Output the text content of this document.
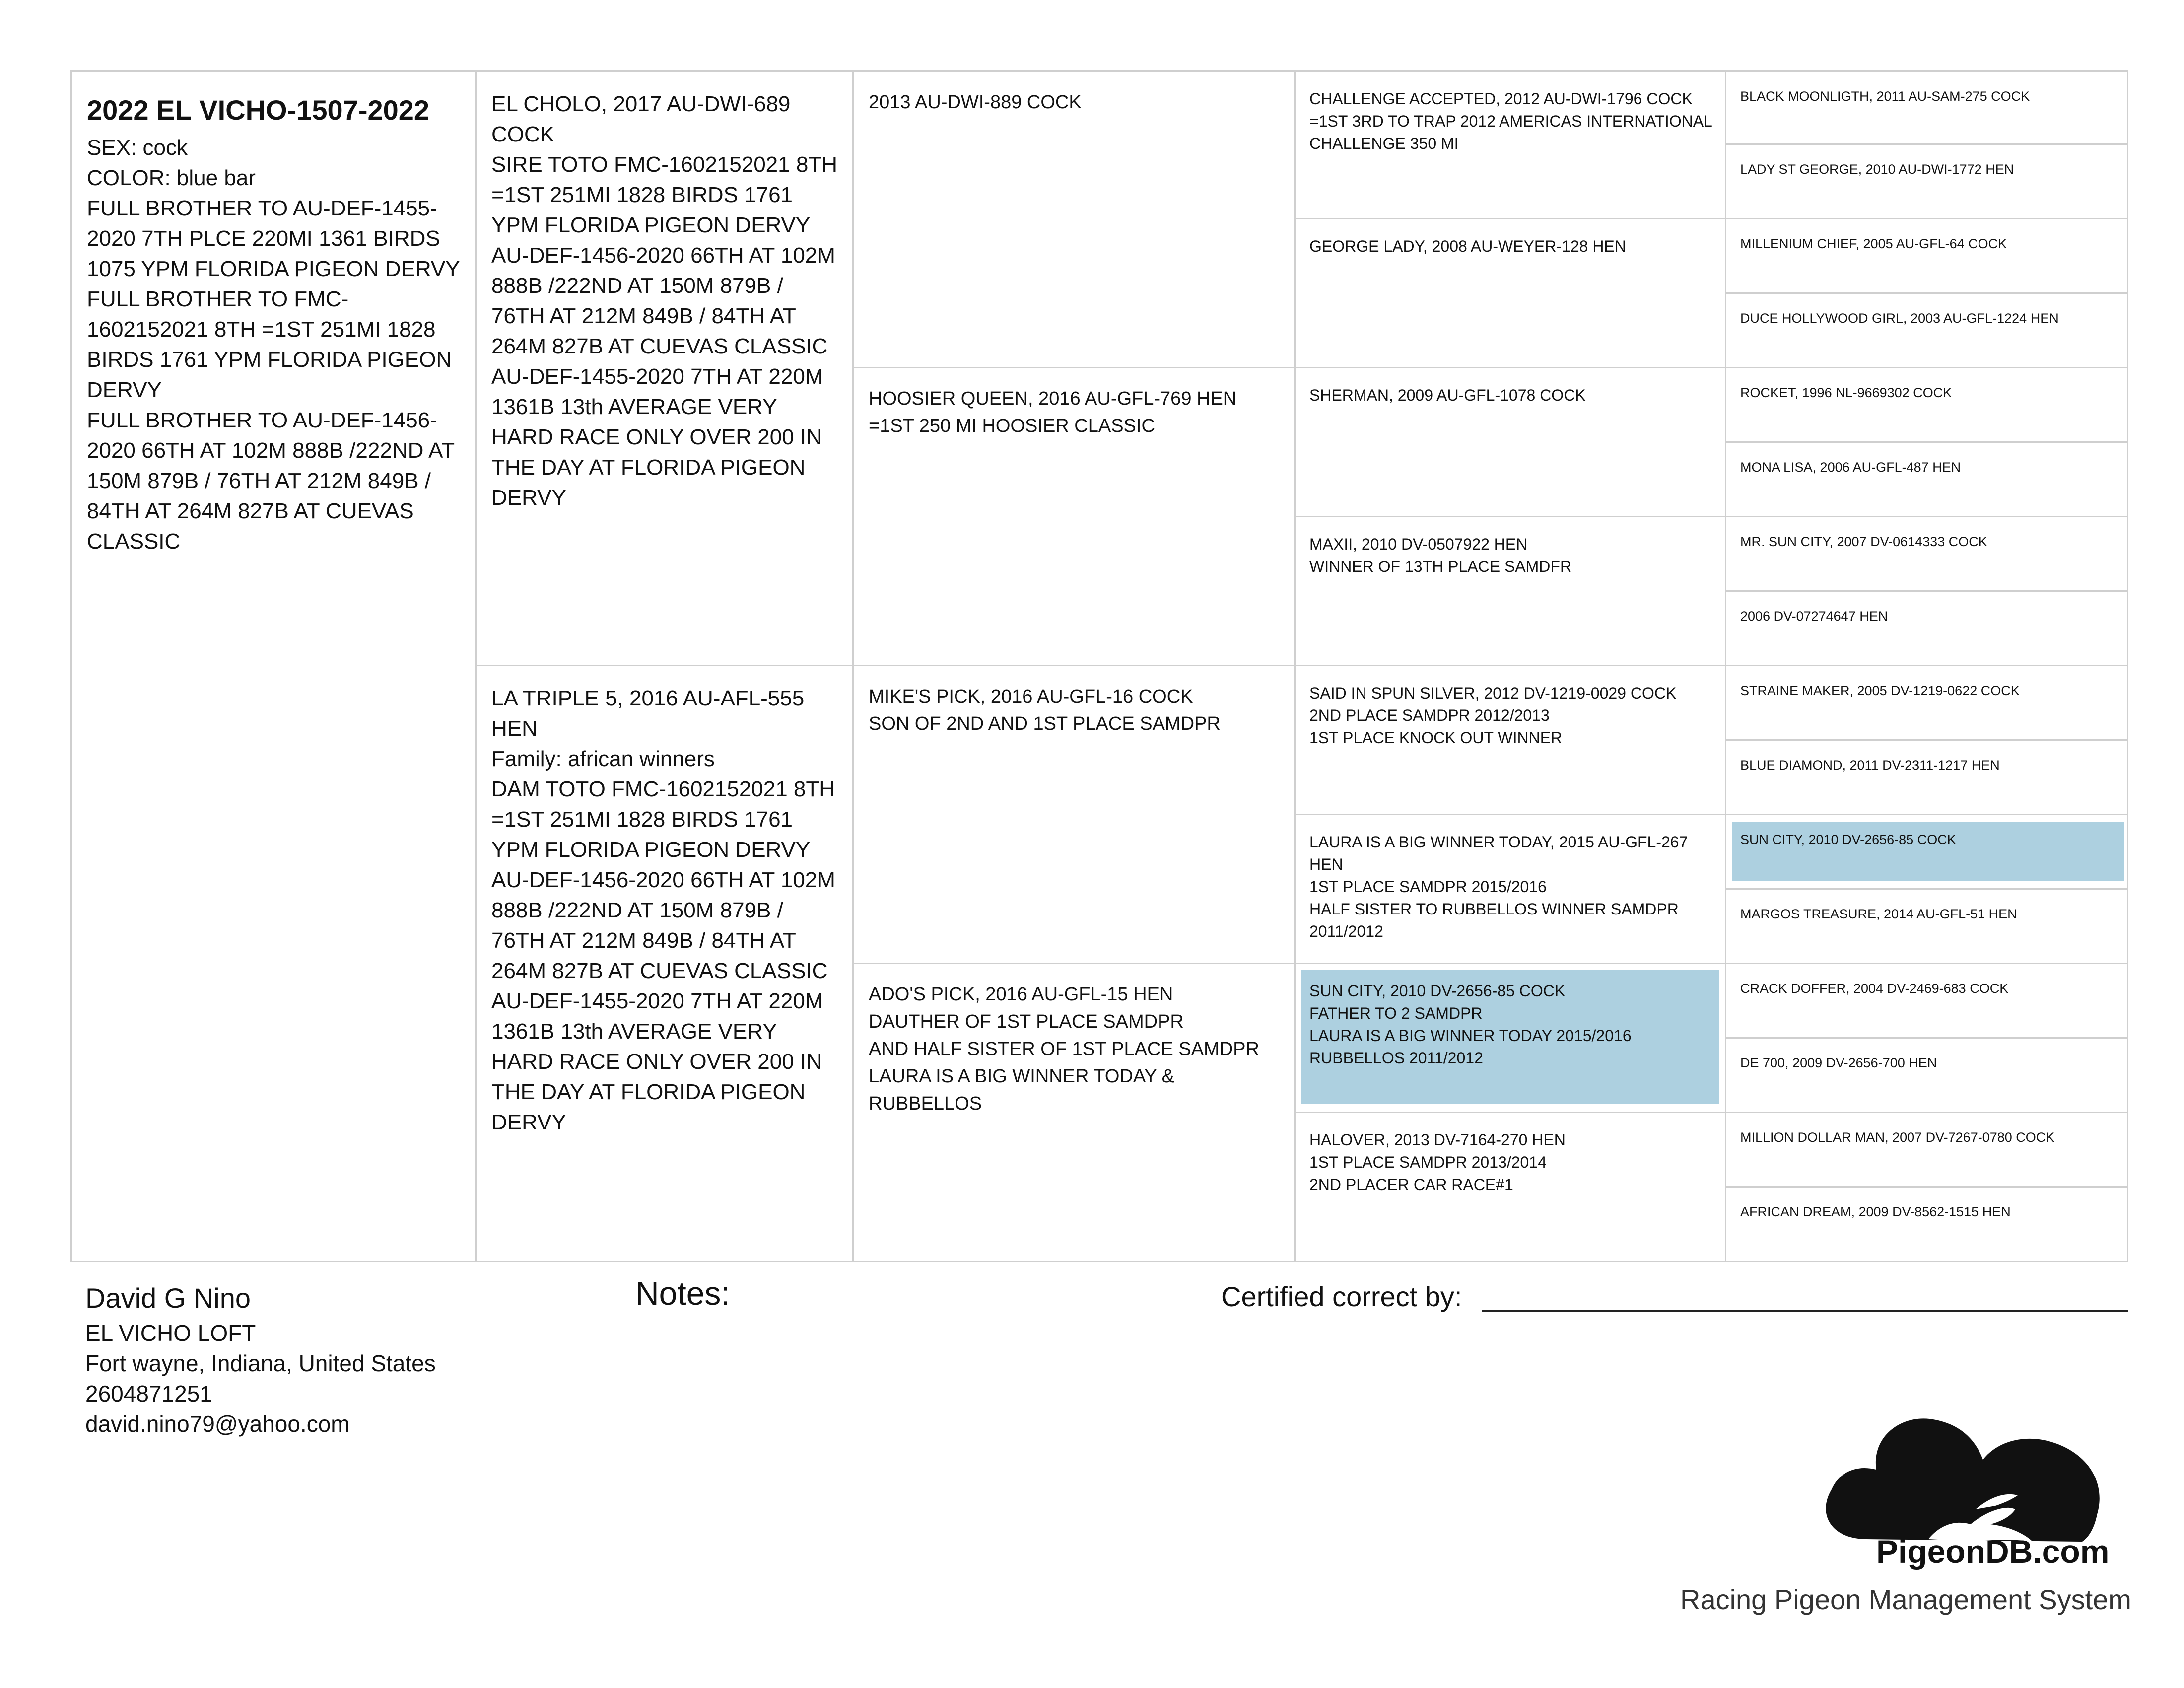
2022 EL VICHO-1507-2022
SEX: cock
COLOR: blue bar
FULL BROTHER TO AU-DEF-1455-2020 7TH PLCE 220MI 1361 BIRDS 1075 YPM FLORIDA PIGEON DERVY
FULL BROTHER TO FMC-1602152021 8TH =1ST 251MI 1828 BIRDS 1761 YPM FLORIDA PIGEON DERVY
FULL BROTHER TO AU-DEF-1456-2020 66TH AT 102M 888B /222ND AT 150M 879B / 76TH AT 212M 849B / 84TH AT 264M 827B AT CUEVAS CLASSIC
EL CHOLO, 2017 AU-DWI-689 COCK
SIRE TOTO FMC-1602152021 8TH =1ST 251MI 1828 BIRDS 1761 YPM FLORIDA PIGEON DERVY
AU-DEF-1456-2020 66TH AT 102M 888B /222ND AT 150M 879B / 76TH AT 212M 849B / 84TH AT 264M 827B AT CUEVAS CLASSIC
AU-DEF-1455-2020 7TH AT 220M 1361B 13th AVERAGE VERY HARD RACE ONLY OVER 200 IN THE DAY AT FLORIDA PIGEON DERVY
LA TRIPLE 5, 2016 AU-AFL-555 HEN
Family: african winners
DAM TOTO FMC-1602152021 8TH =1ST 251MI 1828 BIRDS 1761 YPM FLORIDA PIGEON DERVY
AU-DEF-1456-2020 66TH AT 102M 888B /222ND AT 150M 879B / 76TH AT 212M 849B / 84TH AT 264M 827B AT CUEVAS CLASSIC
AU-DEF-1455-2020 7TH AT 220M 1361B 13th AVERAGE VERY HARD RACE ONLY OVER 200 IN THE DAY AT FLORIDA PIGEON DERVY
2013 AU-DWI-889 COCK
HOOSIER QUEEN, 2016 AU-GFL-769 HEN
=1ST 250 MI HOOSIER CLASSIC
MIKE'S PICK, 2016 AU-GFL-16 COCK
SON OF 2ND AND 1ST PLACE SAMDPR
ADO'S PICK, 2016 AU-GFL-15 HEN
DAUTHER OF 1ST PLACE SAMDPR
AND HALF SISTER OF 1ST PLACE SAMDPR
LAURA IS A BIG WINNER TODAY & RUBBELLOS
CHALLENGE ACCEPTED, 2012 AU-DWI-1796 COCK
=1ST 3RD TO TRAP 2012 AMERICAS INTERNATIONAL CHALLENGE 350 MI
GEORGE LADY, 2008 AU-WEYER-128 HEN
SHERMAN, 2009 AU-GFL-1078 COCK
MAXII, 2010 DV-0507922 HEN
WINNER OF 13TH PLACE SAMDFR
SAID IN SPUN SILVER, 2012 DV-1219-0029 COCK
2ND PLACE SAMDPR 2012/2013
1ST PLACE KNOCK OUT WINNER
LAURA IS A BIG WINNER TODAY, 2015 AU-GFL-267 HEN
1ST PLACE SAMDPR 2015/2016
HALF SISTER TO RUBBELLOS WINNER SAMDPR 2011/2012
SUN CITY, 2010 DV-2656-85 COCK
FATHER TO 2 SAMDPR
LAURA IS A BIG WINNER TODAY 2015/2016
RUBBELLOS 2011/2012
HALOVER, 2013 DV-7164-270 HEN
1ST PLACE SAMDPR 2013/2014
2ND PLACER CAR RACE#1
BLACK MOONLIGTH, 2011 AU-SAM-275 COCK
LADY ST GEORGE, 2010 AU-DWI-1772 HEN
MILLENIUM CHIEF, 2005 AU-GFL-64 COCK
DUCE HOLLYWOOD GIRL, 2003 AU-GFL-1224 HEN
ROCKET, 1996 NL-9669302 COCK
MONA LISA, 2006 AU-GFL-487 HEN
MR. SUN CITY, 2007 DV-0614333 COCK
2006 DV-07274647 HEN
STRAINE MAKER, 2005 DV-1219-0622 COCK
BLUE DIAMOND, 2011 DV-2311-1217 HEN
SUN CITY, 2010 DV-2656-85 COCK
MARGOS TREASURE, 2014 AU-GFL-51 HEN
CRACK DOFFER, 2004 DV-2469-683 COCK
DE 700, 2009 DV-2656-700 HEN
MILLION DOLLAR MAN, 2007 DV-7267-0780 COCK
AFRICAN DREAM, 2009 DV-8562-1515 HEN
David G Nino
EL VICHO LOFT
Fort wayne, Indiana, United States
2604871251
david.nino79@yahoo.com
Notes:	Certified correct by:
PigeonDB.com
Racing Pigeon Management System
